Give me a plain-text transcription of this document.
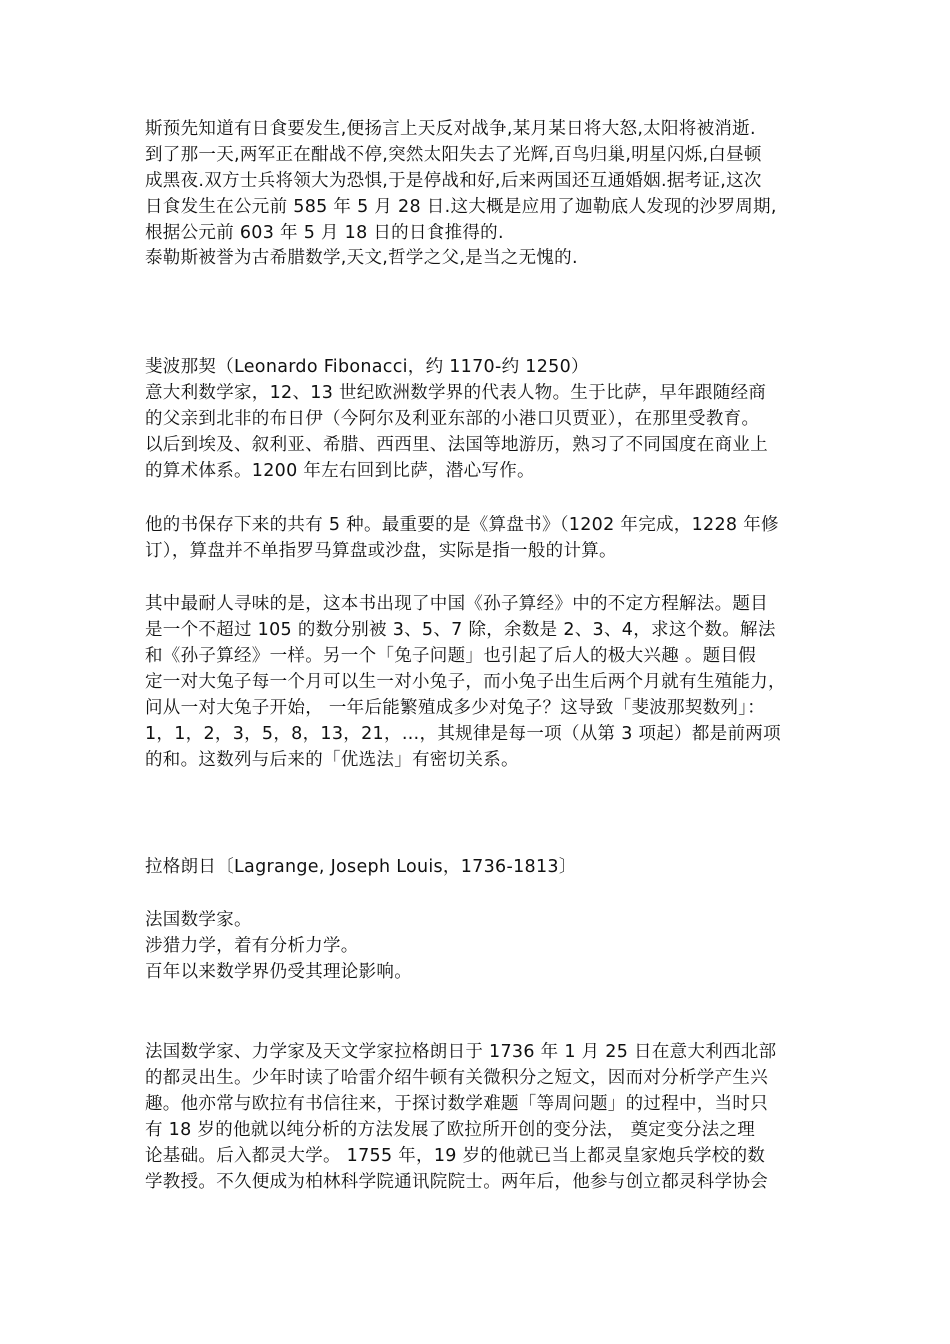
斯预先知道有日食要发生,便扬言上天反对战争,某月某日将大怒,太阳将被消逝.
到了那一天,两军正在酣战不停,突然太阳失去了光辉,百鸟归巢,明星闪烁,白昼顿
成黑夜.双方士兵将领大为恐惧,于是停战和好,后来两国还互通婚姻.据考证,这次
日食发生在公元前 585 年 5 月 28 日.这大概是应用了迦勒底人发现的沙罗周期,
根据公元前 603 年 5 月 18 日的日食推得的.
泰勒斯被誉为古希腊数学,天文,哲学之父,是当之无愧的.
斐波那契（Leonardo Fibonacci，约 1170-约 1250）
意大利数学家，12、13 世纪欧洲数学界的代表人物。生于比萨，早年跟随经商
的父亲到北非的布日伊（今阿尔及利亚东部的小港口贝贾亚），在那里受教育。
以后到埃及、叙利亚、希腊、西西里、法国等地游历，熟习了不同国度在商业上
的算术体系。1200 年左右回到比萨，潜心写作。
他的书保存下来的共有 5 种。最重要的是《算盘书》（1202 年完成，1228 年修
订），算盘并不单指罗马算盘或沙盘，实际是指一般的计算。
其中最耐人寻味的是，这本书出现了中国《孙子算经》中的不定方程解法。题目
是一个不超过 105 的数分别被 3、5、7 除，余数是 2、3、4，求这个数。解法
和《孙子算经》一样。另一个「兔子问题」也引起了后人的极大兴趣 。题目假
定一对大兔子每一个月可以生一对小兔子，而小兔子出生后两个月就有生殖能力，
问从一对大兔子开始， 一年后能繁殖成多少对兔子？这导致「斐波那契数列」：
1，1，2，3，5，8，13，21，…，其规律是每一项（从第 3 项起）都是前两项
的和。这数列与后来的「优选法」有密切关系。
拉格朗日〔Lagrange, Joseph Louis，1736-1813〕
法国数学家。
涉猎力学，着有分析力学。
百年以来数学界仍受其理论影响。
法国数学家、力学家及天文学家拉格朗日于 1736 年 1 月 25 日在意大利西北部
的都灵出生。少年时读了哈雷介绍牛顿有关微积分之短文，因而对分析学产生兴
趣。他亦常与欧拉有书信往来，于探讨数学难题「等周问题」的过程中，当时只
有 18 岁的他就以纯分析的方法发展了欧拉所开创的变分法， 奠定变分法之理
论基础。后入都灵大学。 1755 年，19 岁的他就已当上都灵皇家炮兵学校的数
学教授。不久便成为柏林科学院通讯院院士。两年后，他参与创立都灵科学协会
